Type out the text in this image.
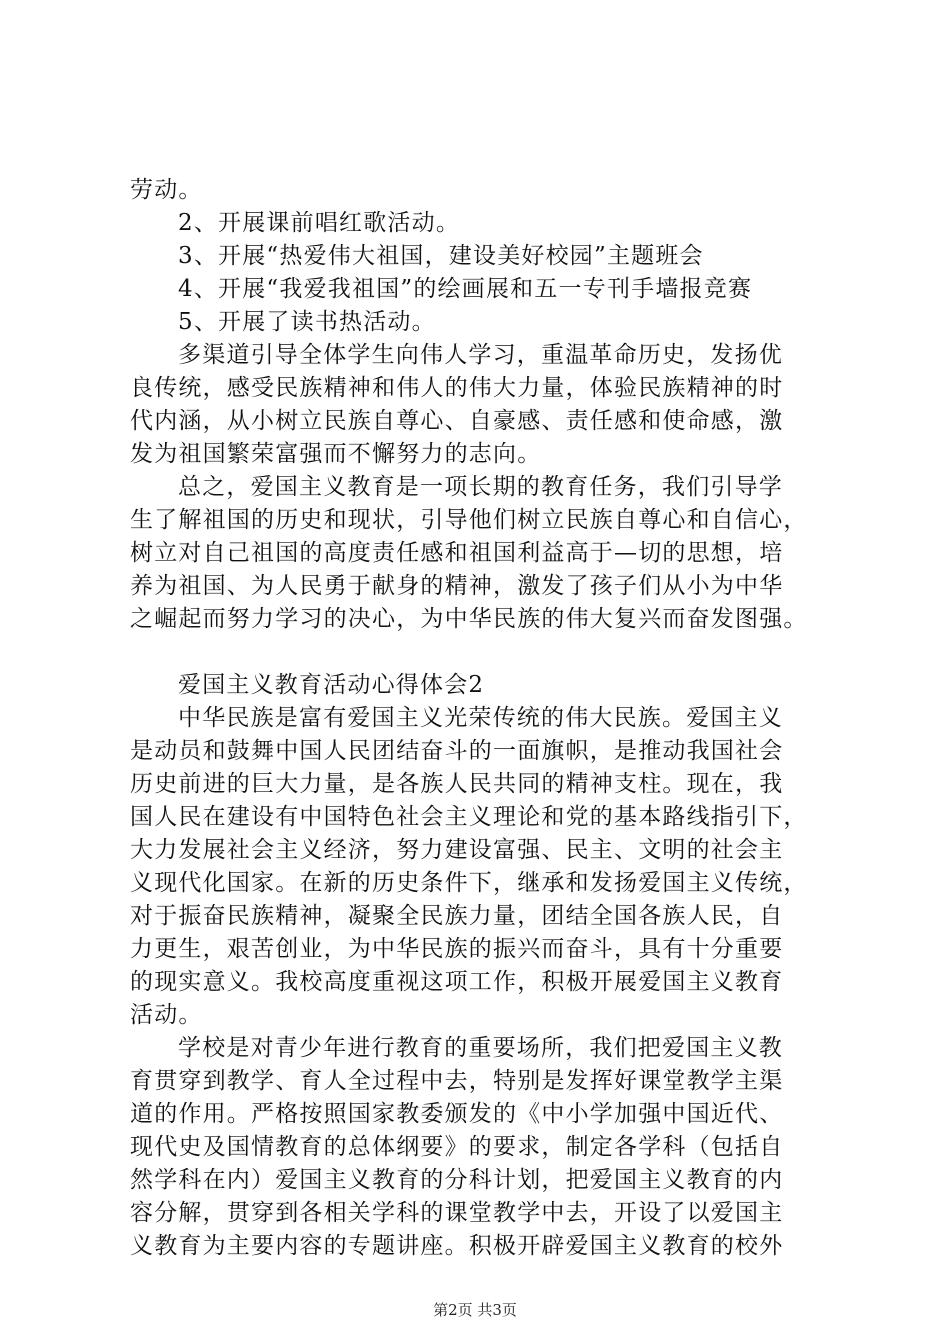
劳动。
2、开展课前唱红歌活动。
3、开展“热爱伟大祖国，建设美好校园”主题班会
4、开展“我爱我祖国”的绘画展和五一专刊手墙报竞赛
5、开展了读书热活动。
多渠道引导全体学生向伟人学习，重温革命历史，发扬优
良传统，感受民族精神和伟人的伟大力量，体验民族精神的时
代内涵，从小树立民族自尊心、自豪感、责任感和使命感，激
发为祖国繁荣富强而不懈努力的志向。
总之，爱国主义教育是一项长期的教育任务，我们引导学
生了解祖国的历史和现状，引导他们树立民族自尊心和自信心，
树立对自己祖国的高度责任感和祖国利益高于—切的思想，培
养为祖国、为人民勇于献身的精神，激发了孩子们从小为中华
之崛起而努力学习的决心，为中华民族的伟大复兴而奋发图强。
爱国主义教育活动心得体会2
中华民族是富有爱国主义光荣传统的伟大民族。爱国主义
是动员和鼓舞中国人民团结奋斗的一面旗帜，是推动我国社会
历史前进的巨大力量，是各族人民共同的精神支柱。现在，我
国人民在建设有中国特色社会主义理论和党的基本路线指引下，
大力发展社会主义经济，努力建设富强、民主、文明的社会主
义现代化国家。在新的历史条件下，继承和发扬爱国主义传统，
对于振奋民族精神，凝聚全民族力量，团结全国各族人民，自
力更生，艰苦创业，为中华民族的振兴而奋斗，具有十分重要
的现实意义。我校高度重视这项工作，积极开展爱国主义教育
活动。
学校是对青少年进行教育的重要场所，我们把爱国主义教
育贯穿到教学、育人全过程中去，特别是发挥好课堂教学主渠
道的作用。严格按照国家教委颁发的《中小学加强中国近代、
现代史及国情教育的总体纲要》的要求，制定各学科（包括自
然学科在内）爱国主义教育的分科计划，把爱国主义教育的内
容分解，贯穿到各相关学科的课堂教学中去，开设了以爱国主
义教育为主要内容的专题讲座。积极开辟爱国主义教育的校外
第2页 共3页
